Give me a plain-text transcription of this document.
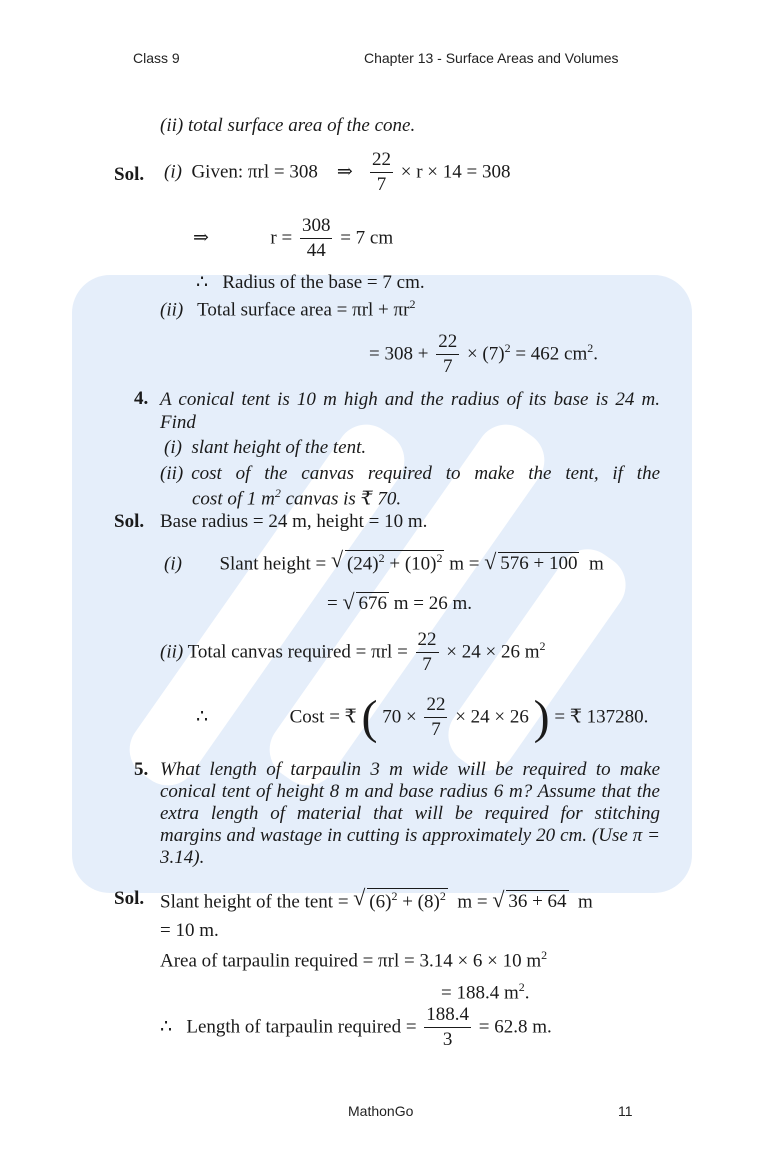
Class 9	Chapter 13 - Surface Areas and Volumes
(ii) total surface area of the cone.
Sol. (i) Given: πrl = 308 ⇒ $\frac{22}{7} \times r \times 14 = 308$
⇒	$r = \frac{308}{44} = 7$ cm
∴ Radius of the base = 7 cm.
(ii) Total surface area = $\pi rl + \pi r^2$
= $308 + \frac{22}{7} \times (7)^2 = 462$ $cm^2$.
4. A conical tent is 10 m high and the radius of its base is 24 m. Find
(i) slant height of the tent.
(ii) cost of the canvas required to make the tent, if the
cost of 1 $m^2$ canvas is ₹ 70.
Sol. Base radius = 24 m, height = 10 m.
(i) Slant height = √ $(24)^2 + (10)^2$ m = √ 576 + 100 m
= √ 676 m = 26 m.
(ii) Total canvas required = $\pi rl = \frac{22}{7} \times 24 \times 26$ $m^2$
∴	Cost = ₹ ( $70 \times \frac{22}{7} \times 24 \times 26$ ) = ₹ 137280.
5. What length of tarpaulin 3 m wide will be required to make conical tent of height 8 m and base radius 6 m? Assume that the extra length of material that will be required for stitching margins and wastage in cutting is approximately 20 cm. (Use π = 3.14).
Sol. Slant height of the tent = √ $(6)^2 + (8)^2$ m = √ 36 + 64 m
= 10 m.
Area of tarpaulin required = πrl = 3.14 × 6 × 10 $m^2$
= 188.4 $m^2$.
∴ Length of tarpaulin required = $\frac{188.4}{3} = 62.8$ m.
MathonGo	11
